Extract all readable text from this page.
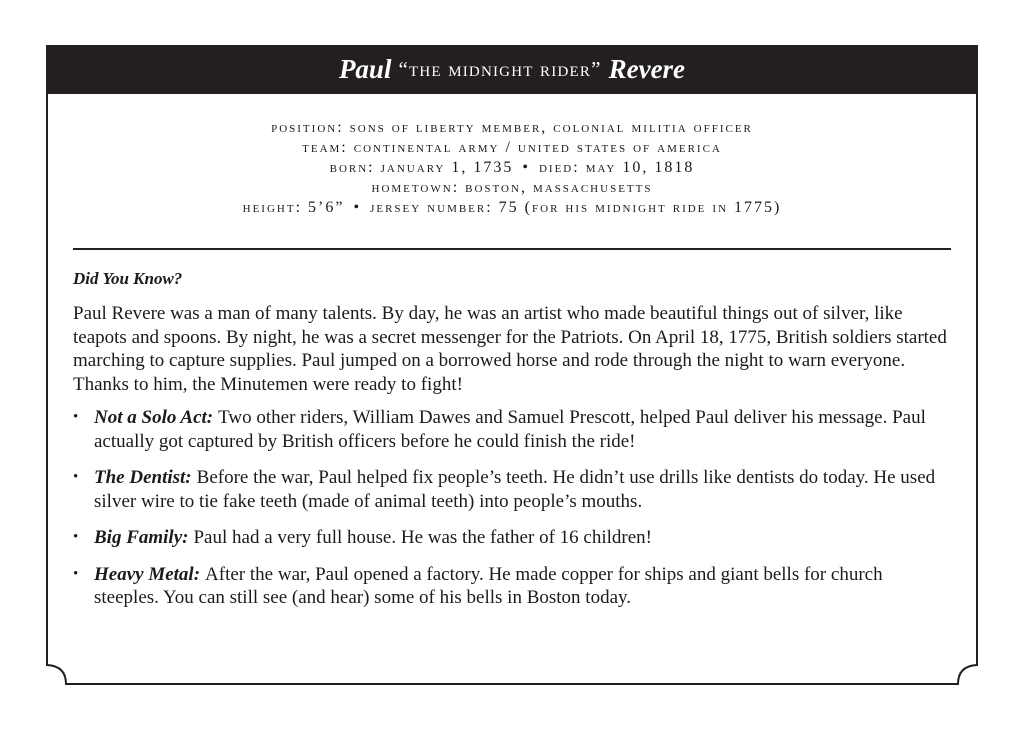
Paul “the midnight rider” Revere
position: sons of liberty member, colonial militia officer
team: continental army / united states of america
born: january 1, 1735 • died: may 10, 1818
hometown: boston, massachusetts
height: 5’6” • jersey number: 75 (for his midnight ride in 1775)
Did You Know?

Paul Revere was a man of many talents. By day, he was an artist who made beautiful things out of silver, like teapots and spoons. By night, he was a secret messenger for the Patriots. On April 18, 1775, British soldiers started marching to capture supplies. Paul jumped on a borrowed horse and rode through the night to warn everyone. Thanks to him, the Minutemen were ready to fight!

• Not a Solo Act: Two other riders, William Dawes and Samuel Prescott, helped Paul deliver his message. Paul actually got captured by British officers before he could finish the ride!
• The Dentist: Before the war, Paul helped fix people’s teeth. He didn’t use drills like dentists do today. He used silver wire to tie fake teeth (made of animal teeth) into people’s mouths.
• Big Family: Paul had a very full house. He was the father of 16 children!
• Heavy Metal: After the war, Paul opened a factory. He made copper for ships and giant bells for church steeples. You can still see (and hear) some of his bells in Boston today.
